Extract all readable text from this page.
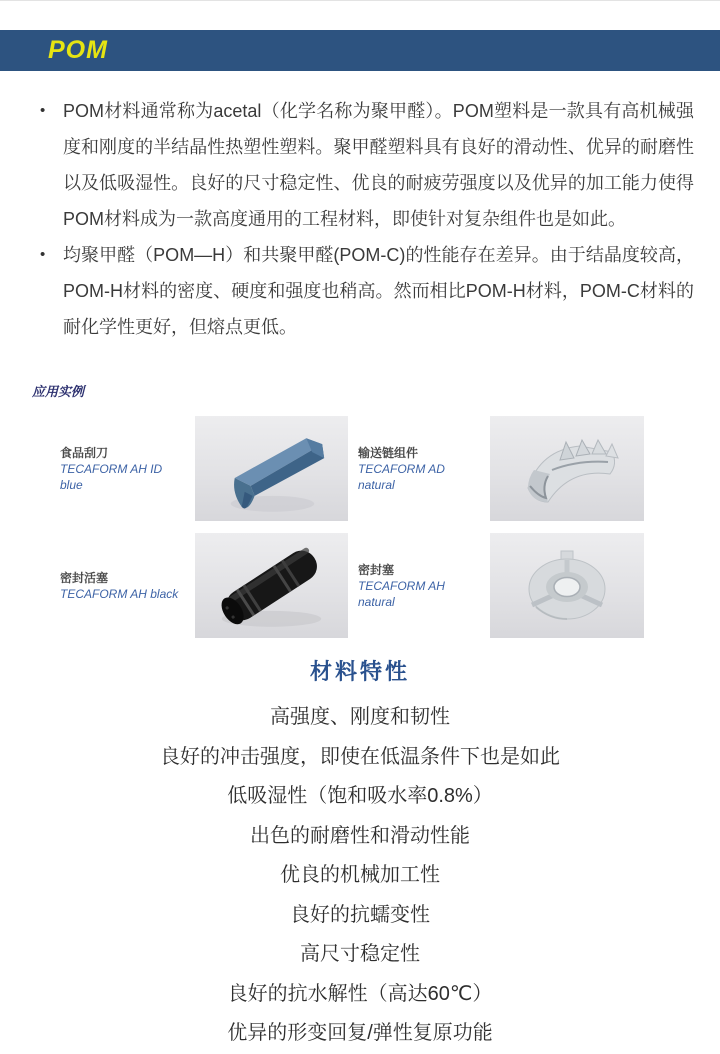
POM
• POM材料通常称为acetal（化学名称为聚甲醛）。POM塑料是一款具有高机械强度和刚度的半结晶性热塑性塑料。聚甲醛塑料具有良好的滑动性、优异的耐磨性以及低吸湿性。良好的尺寸稳定性、优良的耐疲劳强度以及优异的加工能力使得POM材料成为一款高度通用的工程材料，即使针对复杂组件也是如此。
• 均聚甲醛（POM—H）和共聚甲醛(POM-C)的性能存在差异。由于结晶度较高，POM-H材料的密度、硬度和强度也稍高。然而相比POM-H材料，POM-C材料的耐化学性更好，但熔点更低。
应用实例
食品刮刀
TECAFORM AH ID blue
输送链组件
TECAFORM AD natural
密封活塞
TECAFORM AH black
密封塞
TECAFORM AH natural
材料特性
高强度、刚度和韧性
良好的冲击强度，即使在低温条件下也是如此
低吸湿性（饱和吸水率0.8%）
出色的耐磨性和滑动性能
优良的机械加工性
良好的抗蠕变性
高尺寸稳定性
良好的抗水解性（高达60℃）
优异的形变回复/弹性复原功能
